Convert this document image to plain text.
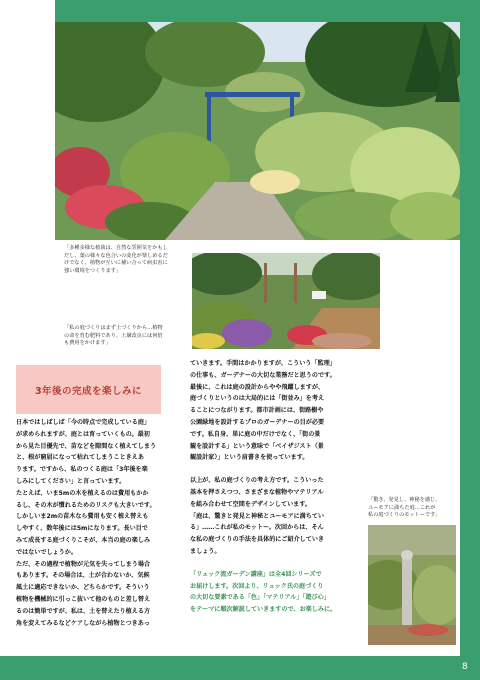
8
「多種多様な植栽は、自然な雰囲気をかもし
だし、葉の様々な色合いの変化が楽しめるだ
けでなく、植物が互いに補い合って病虫害に
強い環境をつくります」
「私の庭づくりはまず土づくりから…植物
の命を育む肥料であり、土壌改良には何倍
も費用をかけます」
3年後の完成を楽しみに

日本ではしばしば「今の時点で完成している庭」

が求められますが、庭とは育っていくもの。最初

から見た目優先で、苗などを隙間なく植えてしまう

と、根が窮屈になって枯れてしまうこときえあ

ります。ですから、私のつくる庭は「3年後を楽

しみにしてください」と言っています。

たとえば、いま5mの木を植えるのは費用もかか

るし、その木が慣れるためのリスクも大きいです。

しかしいま2mの苗木なら費用も安く植え替えも

しやすく、数年後には5mになります。長い目で

みて成長する庭づくりこそが、本当の庭の楽しみ

ではないでしょうか。

ただ、その過程で植物が元気を失ってしまう場合

もあります。その場合は、土が合わないか、気候

風土に適応できないか、どちらかです。そういう

植物を機械的に引っこ抜いて他のものと差し替え

るのは簡単ですが、私は、土を替えたり植える方

角を変えてみるなどケアしながら植物とつきあっ

ていきます。手間はかかりますが、こういう「監理」

の仕事も、ガーデナーの大切な業務だと思うのです。

最後に、これは庭の設計からやや飛躍しますが、

庭づくりというのは大局的には「街並み」を考え

ることにつながります。都市計画には、街路樹や

公園緑地を設計するプロのガーデナーの目が必要

です。私自身、単に庭の中だけでなく、「街の景

観を設計する」という意味で「ベイザジスト（景

観設計家）」という肩書きを使っています。

以上が、私の庭づくりの考え方です。こういった

基本を押さえつつ、さまざまな植物やマテリアル

を組み合わせて空間をデザインしています。

「庭は、驚きと発見と神秘とユーモアに満ちてい

る」……これが私のモットー。次回からは、そん

な私の庭づくりの手法を具体的にご紹介していき

ましょう。

「リュック流ガーデン講座」は全4回シリーズで

お届けします。次回より、リュック氏の庭づくり

の大切な要素である「色」「マテリアル」「遊び心」

をテーマに順次解説していきますので、お楽しみに。

「驚き、発見し、神秘を感じ、
ユーモアに満ちた庭…これが
私の庭づくりのモットーです」
